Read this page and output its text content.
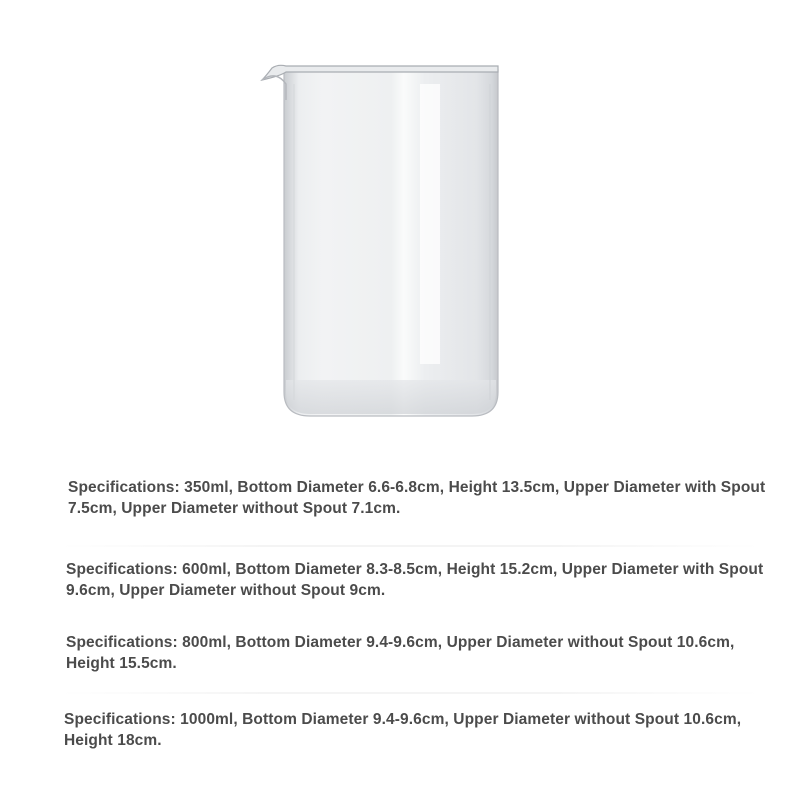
Specifications: 350ml, Bottom Diameter 6.6-6.8cm, Height 13.5cm, Upper Diameter with Spout 7.5cm, Upper Diameter without Spout 7.1cm.
Specifications: 600ml, Bottom Diameter 8.3-8.5cm, Height 15.2cm, Upper Diameter with Spout 9.6cm, Upper Diameter without Spout 9cm.
Specifications: 800ml, Bottom Diameter 9.4-9.6cm, Upper Diameter without Spout 10.6cm, Height 15.5cm.
Specifications: 1000ml, Bottom Diameter 9.4-9.6cm, Upper Diameter without Spout 10.6cm, Height 18cm.
